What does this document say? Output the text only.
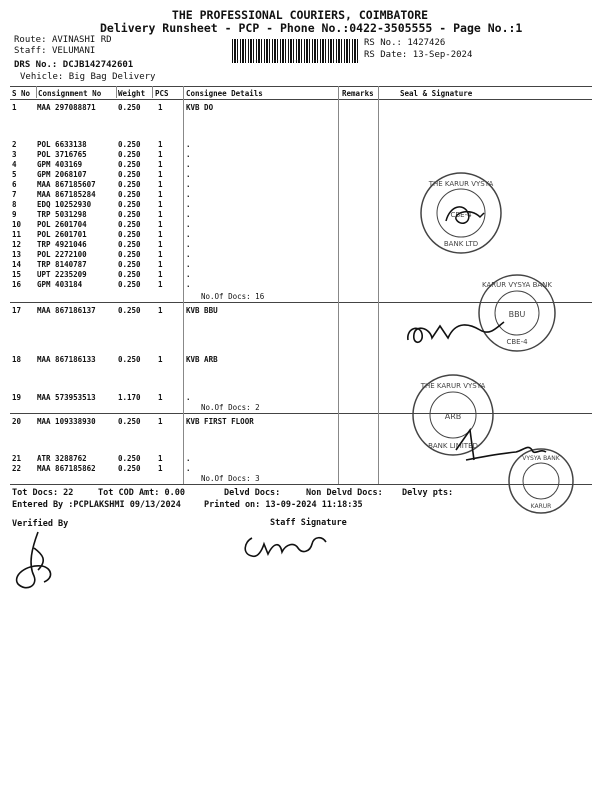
THE PROFESSIONAL COURIERS, COIMBATORE
Delivery Runsheet - PCP - Phone No.:0422-3505555 - Page No.:1
Route: AVINASHI RD
Staff: VELUMANI
DRS No.: DCJB142742601
Vehicle: Big Bag Delivery
RS No.: 1427426
RS Date: 13-Sep-2024
S No Consignment No Weight PCS Consignee Details	Remarks	Seal & Signature
1	MAA 297088871	0.250 1	KVB DO
2	POL 6633138	0.250 1	.
3	POL 3716765	0.250 1	.
4	GPM 403169	0.250 1	.
5	GPM 2068107	0.250 1	.
6	MAA 867185607	0.250 1	.
7	MAA 867185284	0.250 1	.
8	EDQ 10252930	0.250 1	.
9	TRP 5031298	0.250 1	.
10 POL 2601704	0.250 1	.
11 POL 2601701	0.250 1	.
12 TRP 4921046	0.250 1	.
13 POL 2272100	0.250 1	.
14 TRP 8140787	0.250 1	.
15 UPT 2235209	0.250 1	.
16 GPM 403184	0.250 1	.
17 MAA 867186137	0.250 1	KVB BBU
18 MAA 867186133	0.250 1	KVB ARB
19 MAA 573953513	1.170 1	.
20 MAA 109338930	0.250 1	KVB FIRST FLOOR
21 ATR 3288762	0.250 1	.
22 MAA 867185862	0.250 1	.
No.Of Docs: 16
No.Of Docs: 2
No.Of Docs: 3
Tot Docs: 22	Tot COD Amt: 0.00	Delvd Docs:	Non Delvd Docs: Delvy pts:
Entered By :PCPLAKSHMI 09/13/2024	Printed on: 13-09-2024 11:18:35
Verified By	Staff Signature
THE KARUR VYSYA
BANK LTD
CBE-4
KARUR VYSYA BANK
CBE-4
BBU
THE KARUR VYSYA
BANK LIMITED
ARB
VYSYA BANK
KARUR
